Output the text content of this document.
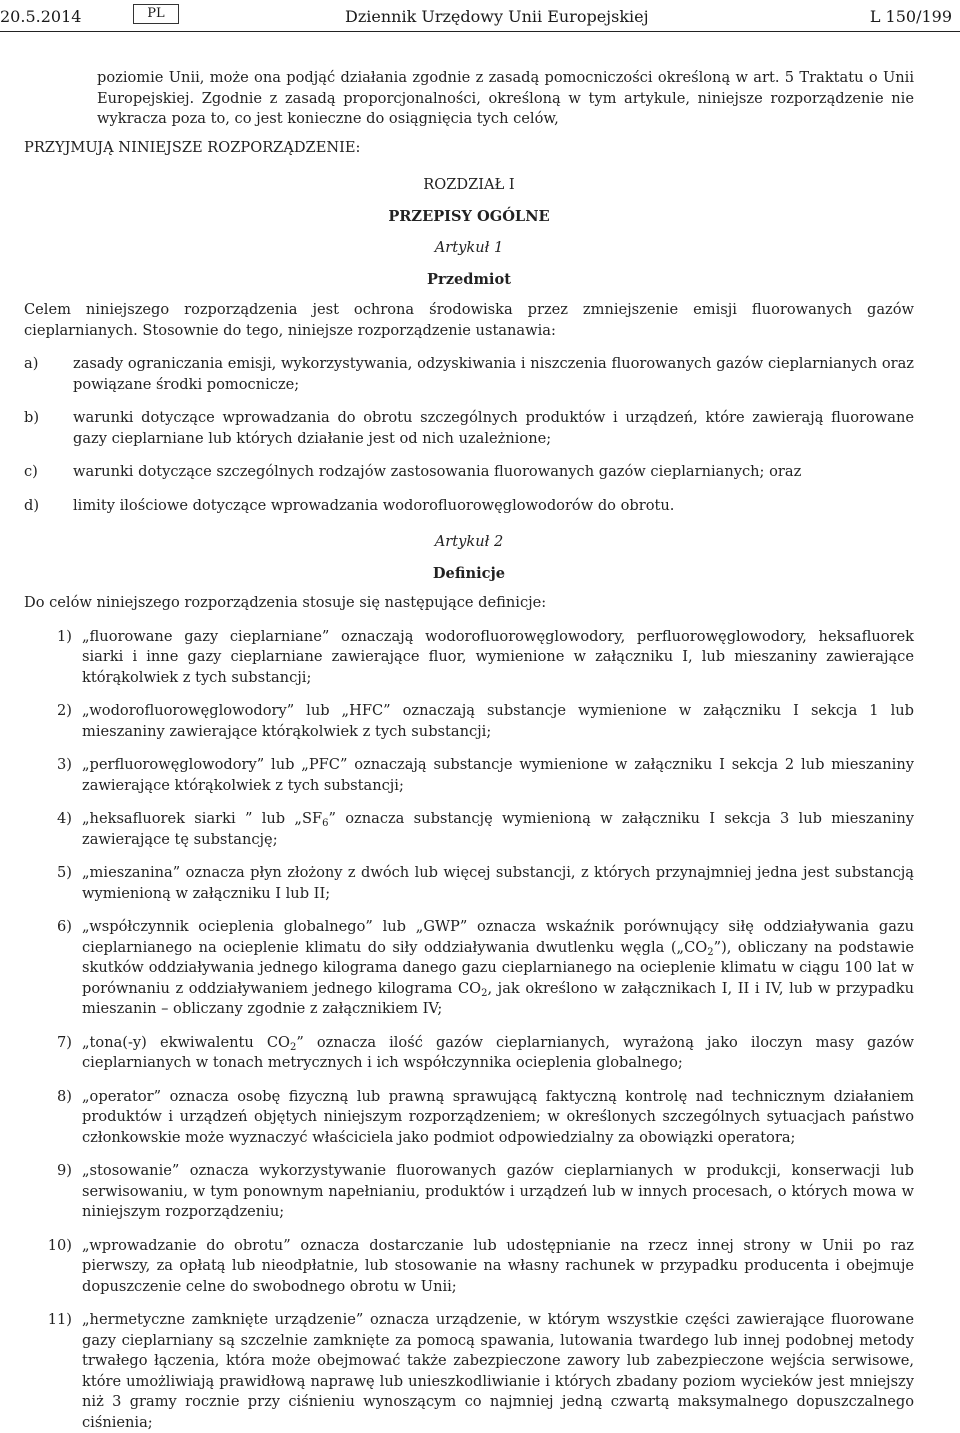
20.5.2014	PL	Dziennik Urzędowy Unii Europejskiej	L 150/199

poziomie Unii, może ona podjąć działania zgodnie z zasadą pomocniczości określoną w art. 5 Traktatu o Unii Europejskiej. Zgodnie z zasadą proporcjonalności, określoną w tym artykule, niniejsze rozporządzenie nie wykracza poza to, co jest konieczne do osiągnięcia tych celów,

PRZYJMUJĄ NINIEJSZE ROZPORZĄDZENIE:

ROZDZIAŁ I

PRZEPISY OGÓLNE

Artykuł 1

Przedmiot

Celem niniejszego rozporządzenia jest ochrona środowiska przez zmniejszenie emisji fluorowanych gazów cieplarnianych. Stosownie do tego, niniejsze rozporządzenie ustanawia:

a) zasady ograniczania emisji, wykorzystywania, odzyskiwania i niszczenia fluorowanych gazów cieplarnianych oraz powiązane środki pomocnicze;
b) warunki dotyczące wprowadzania do obrotu szczególnych produktów i urządzeń, które zawierają fluorowane gazy cieplarniane lub których działanie jest od nich uzależnione;
c) warunki dotyczące szczególnych rodzajów zastosowania fluorowanych gazów cieplarnianych; oraz
d) limity ilościowe dotyczące wprowadzania wodorofluorowęglowodorów do obrotu.

Artykuł 2

Definicje

Do celów niniejszego rozporządzenia stosuje się następujące definicje:

1) „fluorowane gazy cieplarniane” oznaczają wodorofluorowęglowodory, perfluorowęglowodory, heksafluorek siarki i inne gazy cieplarniane zawierające fluor, wymienione w załączniku I, lub mieszaniny zawierające którąkolwiek z tych substancji;
2) „wodorofluorowęglowodory” lub „HFC” oznaczają substancje wymienione w załączniku I sekcja 1 lub mieszaniny zawierające którąkolwiek z tych substancji;
3) „perfluorowęglowodory” lub „PFC” oznaczają substancje wymienione w załączniku I sekcja 2 lub mieszaniny zawierające którąkolwiek z tych substancji;
4) „heksafluorek siarki ” lub $„SF_6$” oznacza substancję wymienioną w załączniku I sekcja 3 lub mieszaniny zawierające tę substancję;
5) „mieszanina” oznacza płyn złożony z dwóch lub więcej substancji, z których przynajmniej jedna jest substancją wymienioną w załączniku I lub II;
6) „współczynnik ocieplenia globalnego” lub „GWP” oznacza wskaźnik porównujący siłę oddziaływania gazu cieplarnianego na ocieplenie klimatu do siły oddziaływania dwutlenku węgla $(„CO_2”)$, obliczany na podstawie skutków oddziaływania jednego kilograma danego gazu cieplarnianego na ocieplenie klimatu w ciągu 100 lat w porównaniu z oddziaływaniem jednego kilograma $CO_2$, jak określono w załącznikach I, II i IV, lub w przypadku mieszanin – obliczany zgodnie z załącznikiem IV;
7) „tona(-y) ekwiwalentu $CO_2$” oznacza ilość gazów cieplarnianych, wyrażoną jako iloczyn masy gazów cieplarnianych w tonach metrycznych i ich współczynnika ocieplenia globalnego;
8) „operator” oznacza osobę fizyczną lub prawną sprawującą faktyczną kontrolę nad technicznym działaniem produktów i urządzeń objętych niniejszym rozporządzeniem; w określonych szczególnych sytuacjach państwo członkowskie może wyznaczyć właściciela jako podmiot odpowiedzialny za obowiązki operatora;
9) „stosowanie” oznacza wykorzystywanie fluorowanych gazów cieplarnianych w produkcji, konserwacji lub serwisowaniu, w tym ponownym napełnianiu, produktów i urządzeń lub w innych procesach, o których mowa w niniejszym rozporządzeniu;
10) „wprowadzanie do obrotu” oznacza dostarczanie lub udostępnianie na rzecz innej strony w Unii po raz pierwszy, za opłatą lub nieodpłatnie, lub stosowanie na własny rachunek w przypadku producenta i obejmuje dopuszczenie celne do swobodnego obrotu w Unii;
11) „hermetyczne zamknięte urządzenie” oznacza urządzenie, w którym wszystkie części zawierające fluorowane gazy cieplarniany są szczelnie zamknięte za pomocą spawania, lutowania twardego lub innej podobnej metody trwałego łączenia, która może obejmować także zabezpieczone zawory lub zabezpieczone wejścia serwisowe, które umożliwiają prawidłową naprawę lub unieszkodliwianie i których zbadany poziom wycieków jest mniejszy niż 3 gramy rocznie przy ciśnieniu wynoszącym co najmniej jedną czwartą maksymalnego dopuszczalnego ciśnienia;
